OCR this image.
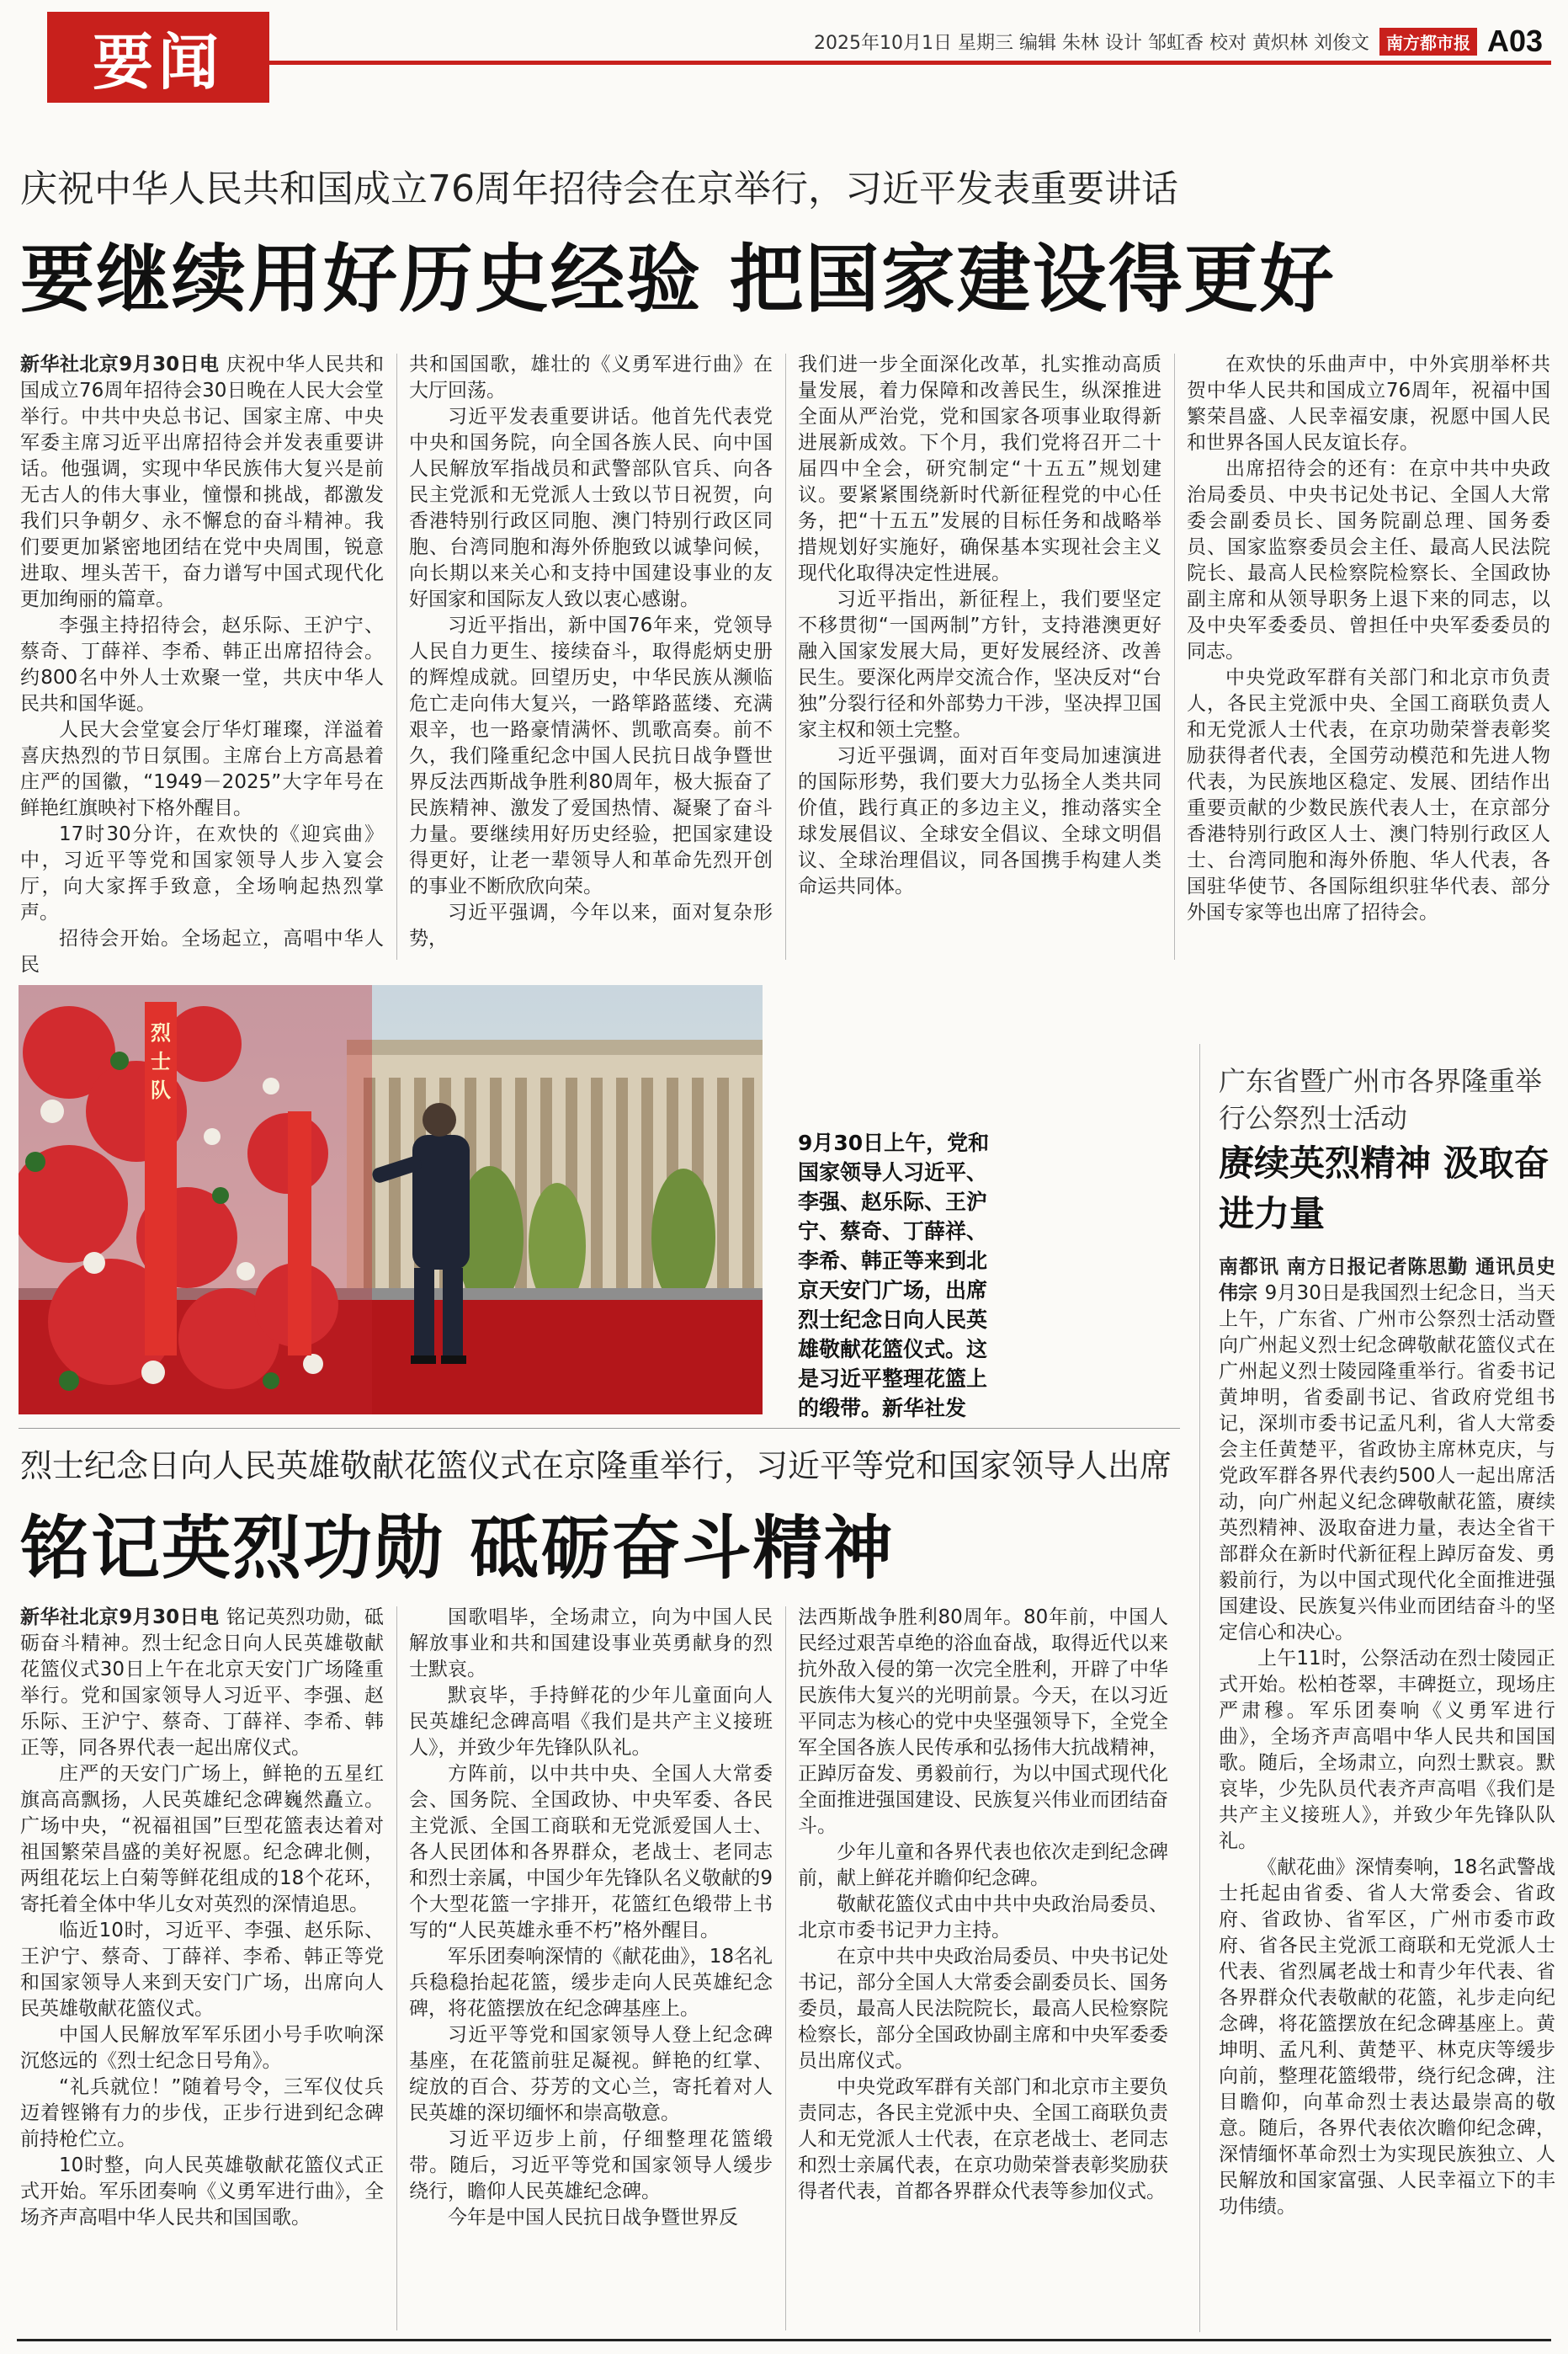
要闻	2025年10月1日 星期三 编辑 朱林 设计 邹虹香 校对 黄炽林 刘俊文	南方都市报 A03
庆祝中华人民共和国成立76周年招待会在京举行，习近平发表重要讲话
要继续用好历史经验 把国家建设得更好

新华社北京9月30日电 庆祝中华人民共和国成立76周年招待会30日晚在人民大会堂举行。中共中央总书记、国家主席、中央军委主席习近平出席招待会并发表重要讲话。他强调，实现中华民族伟大复兴是前无古人的伟大事业，憧憬和挑战，都激发我们只争朝夕、永不懈怠的奋斗精神。我们要更加紧密地团结在党中央周围，锐意进取、埋头苦干，奋力谱写中国式现代化更加绚丽的篇章。

李强主持招待会，赵乐际、王沪宁、蔡奇、丁薛祥、李希、韩正出席招待会。约800名中外人士欢聚一堂，共庆中华人民共和国华诞。

人民大会堂宴会厅华灯璀璨，洋溢着喜庆热烈的节日氛围。主席台上方高悬着庄严的国徽，“1949－2025”大字年号在鲜艳红旗映衬下格外醒目。

17时30分许，在欢快的《迎宾曲》中，习近平等党和国家领导人步入宴会厅，向大家挥手致意，全场响起热烈掌声。

招待会开始。全场起立，高唱中华人民

共和国国歌，雄壮的《义勇军进行曲》在大厅回荡。

习近平发表重要讲话。他首先代表党中央和国务院，向全国各族人民、向中国人民解放军指战员和武警部队官兵、向各民主党派和无党派人士致以节日祝贺，向香港特别行政区同胞、澳门特别行政区同胞、台湾同胞和海外侨胞致以诚挚问候，向长期以来关心和支持中国建设事业的友好国家和国际友人致以衷心感谢。

习近平指出，新中国76年来，党领导人民自力更生、接续奋斗，取得彪炳史册的辉煌成就。回望历史，中华民族从濒临危亡走向伟大复兴，一路筚路蓝缕、充满艰辛，也一路豪情满怀、凯歌高奏。前不久，我们隆重纪念中国人民抗日战争暨世界反法西斯战争胜利80周年，极大振奋了民族精神、激发了爱国热情、凝聚了奋斗力量。要继续用好历史经验，把国家建设得更好，让老一辈领导人和革命先烈开创的事业不断欣欣向荣。

习近平强调，今年以来，面对复杂形势，

我们进一步全面深化改革，扎实推动高质量发展，着力保障和改善民生，纵深推进全面从严治党，党和国家各项事业取得新进展新成效。下个月，我们党将召开二十届四中全会，研究制定“十五五”规划建议。要紧紧围绕新时代新征程党的中心任务，把“十五五”发展的目标任务和战略举措规划好实施好，确保基本实现社会主义现代化取得决定性进展。

习近平指出，新征程上，我们要坚定不移贯彻“一国两制”方针，支持港澳更好融入国家发展大局，更好发展经济、改善民生。要深化两岸交流合作，坚决反对“台独”分裂行径和外部势力干涉，坚决捍卫国家主权和领土完整。

习近平强调，面对百年变局加速演进的国际形势，我们要大力弘扬全人类共同价值，践行真正的多边主义，推动落实全球发展倡议、全球安全倡议、全球文明倡议、全球治理倡议，同各国携手构建人类命运共同体。

在欢快的乐曲声中，中外宾朋举杯共贺中华人民共和国成立76周年，祝福中国繁荣昌盛、人民幸福安康，祝愿中国人民和世界各国人民友谊长存。

出席招待会的还有：在京中共中央政治局委员、中央书记处书记、全国人大常委会副委员长、国务院副总理、国务委员、国家监察委员会主任、最高人民法院院长、最高人民检察院检察长、全国政协副主席和从领导职务上退下来的同志，以及中央军委委员、曾担任中央军委委员的同志。

中央党政军群有关部门和北京市负责人，各民主党派中央、全国工商联负责人和无党派人士代表，在京功勋荣誉表彰奖励获得者代表，全国劳动模范和先进人物代表，为民族地区稳定、发展、团结作出重要贡献的少数民族代表人士，在京部分香港特别行政区人士、澳门特别行政区人士、台湾同胞和海外侨胞、华人代表，各国驻华使节、各国际组织驻华代表、部分外国专家等也出席了招待会。

烈士队
9月30日上午，党和国家领导人习近平、李强、赵乐际、王沪宁、蔡奇、丁薛祥、李希、韩正等来到北京天安门广场，出席烈士纪念日向人民英雄敬献花篮仪式。这是习近平整理花篮上的缎带。新华社发
广东省暨广州市各界隆重举行公祭烈士活动
赓续英烈精神 汲取奋进力量

南都讯 南方日报记者陈思勤 通讯员史伟宗 9月30日是我国烈士纪念日，当天上午，广东省、广州市公祭烈士活动暨向广州起义烈士纪念碑敬献花篮仪式在广州起义烈士陵园隆重举行。省委书记黄坤明，省委副书记、省政府党组书记，深圳市委书记孟凡利，省人大常委会主任黄楚平，省政协主席林克庆，与党政军群各界代表约500人一起出席活动，向广州起义纪念碑敬献花篮，赓续英烈精神、汲取奋进力量，表达全省干部群众在新时代新征程上踔厉奋发、勇毅前行，为以中国式现代化全面推进强国建设、民族复兴伟业而团结奋斗的坚定信心和决心。

上午11时，公祭活动在烈士陵园正式开始。松柏苍翠，丰碑挺立，现场庄严肃穆。军乐团奏响《义勇军进行曲》，全场齐声高唱中华人民共和国国歌。随后，全场肃立，向烈士默哀。默哀毕，少先队员代表齐声高唱《我们是共产主义接班人》，并致少年先锋队队礼。

《献花曲》深情奏响，18名武警战士托起由省委、省人大常委会、省政府、省政协、省军区，广州市委市政府、省各民主党派工商联和无党派人士代表、省烈属老战士和青少年代表、省各界群众代表敬献的花篮，礼步走向纪念碑，将花篮摆放在纪念碑基座上。黄坤明、孟凡利、黄楚平、林克庆等缓步向前，整理花篮缎带，绕行纪念碑，注目瞻仰，向革命烈士表达最崇高的敬意。随后，各界代表依次瞻仰纪念碑，深情缅怀革命烈士为实现民族独立、人民解放和国家富强、人民幸福立下的丰功伟绩。

烈士纪念日向人民英雄敬献花篮仪式在京隆重举行，习近平等党和国家领导人出席
铭记英烈功勋 砥砺奋斗精神

新华社北京9月30日电 铭记英烈功勋，砥砺奋斗精神。烈士纪念日向人民英雄敬献花篮仪式30日上午在北京天安门广场隆重举行。党和国家领导人习近平、李强、赵乐际、王沪宁、蔡奇、丁薛祥、李希、韩正等，同各界代表一起出席仪式。

庄严的天安门广场上，鲜艳的五星红旗高高飘扬，人民英雄纪念碑巍然矗立。广场中央，“祝福祖国”巨型花篮表达着对祖国繁荣昌盛的美好祝愿。纪念碑北侧，两组花坛上白菊等鲜花组成的18个花环，寄托着全体中华儿女对英烈的深情追思。

临近10时，习近平、李强、赵乐际、王沪宁、蔡奇、丁薛祥、李希、韩正等党和国家领导人来到天安门广场，出席向人民英雄敬献花篮仪式。

中国人民解放军军乐团小号手吹响深沉悠远的《烈士纪念日号角》。

“礼兵就位！”随着号令，三军仪仗兵迈着铿锵有力的步伐，正步行进到纪念碑前持枪伫立。

10时整，向人民英雄敬献花篮仪式正式开始。军乐团奏响《义勇军进行曲》，全场齐声高唱中华人民共和国国歌。

国歌唱毕，全场肃立，向为中国人民解放事业和共和国建设事业英勇献身的烈士默哀。

默哀毕，手持鲜花的少年儿童面向人民英雄纪念碑高唱《我们是共产主义接班人》，并致少年先锋队队礼。

方阵前，以中共中央、全国人大常委会、国务院、全国政协、中央军委、各民主党派、全国工商联和无党派爱国人士、各人民团体和各界群众，老战士、老同志和烈士亲属，中国少年先锋队名义敬献的9个大型花篮一字排开，花篮红色缎带上书写的“人民英雄永垂不朽”格外醒目。

军乐团奏响深情的《献花曲》，18名礼兵稳稳抬起花篮，缓步走向人民英雄纪念碑，将花篮摆放在纪念碑基座上。

习近平等党和国家领导人登上纪念碑基座，在花篮前驻足凝视。鲜艳的红掌、绽放的百合、芬芳的文心兰，寄托着对人民英雄的深切缅怀和崇高敬意。

习近平迈步上前，仔细整理花篮缎带。随后，习近平等党和国家领导人缓步绕行，瞻仰人民英雄纪念碑。

今年是中国人民抗日战争暨世界反

法西斯战争胜利80周年。80年前，中国人民经过艰苦卓绝的浴血奋战，取得近代以来抗外敌入侵的第一次完全胜利，开辟了中华民族伟大复兴的光明前景。今天，在以习近平同志为核心的党中央坚强领导下，全党全军全国各族人民传承和弘扬伟大抗战精神，正踔厉奋发、勇毅前行，为以中国式现代化全面推进强国建设、民族复兴伟业而团结奋斗。

少年儿童和各界代表也依次走到纪念碑前，献上鲜花并瞻仰纪念碑。

敬献花篮仪式由中共中央政治局委员、北京市委书记尹力主持。

在京中共中央政治局委员、中央书记处书记，部分全国人大常委会副委员长、国务委员，最高人民法院院长，最高人民检察院检察长，部分全国政协副主席和中央军委委员出席仪式。

中央党政军群有关部门和北京市主要负责同志，各民主党派中央、全国工商联负责人和无党派人士代表，在京老战士、老同志和烈士亲属代表，在京功勋荣誉表彰奖励获得者代表，首都各界群众代表等参加仪式。
